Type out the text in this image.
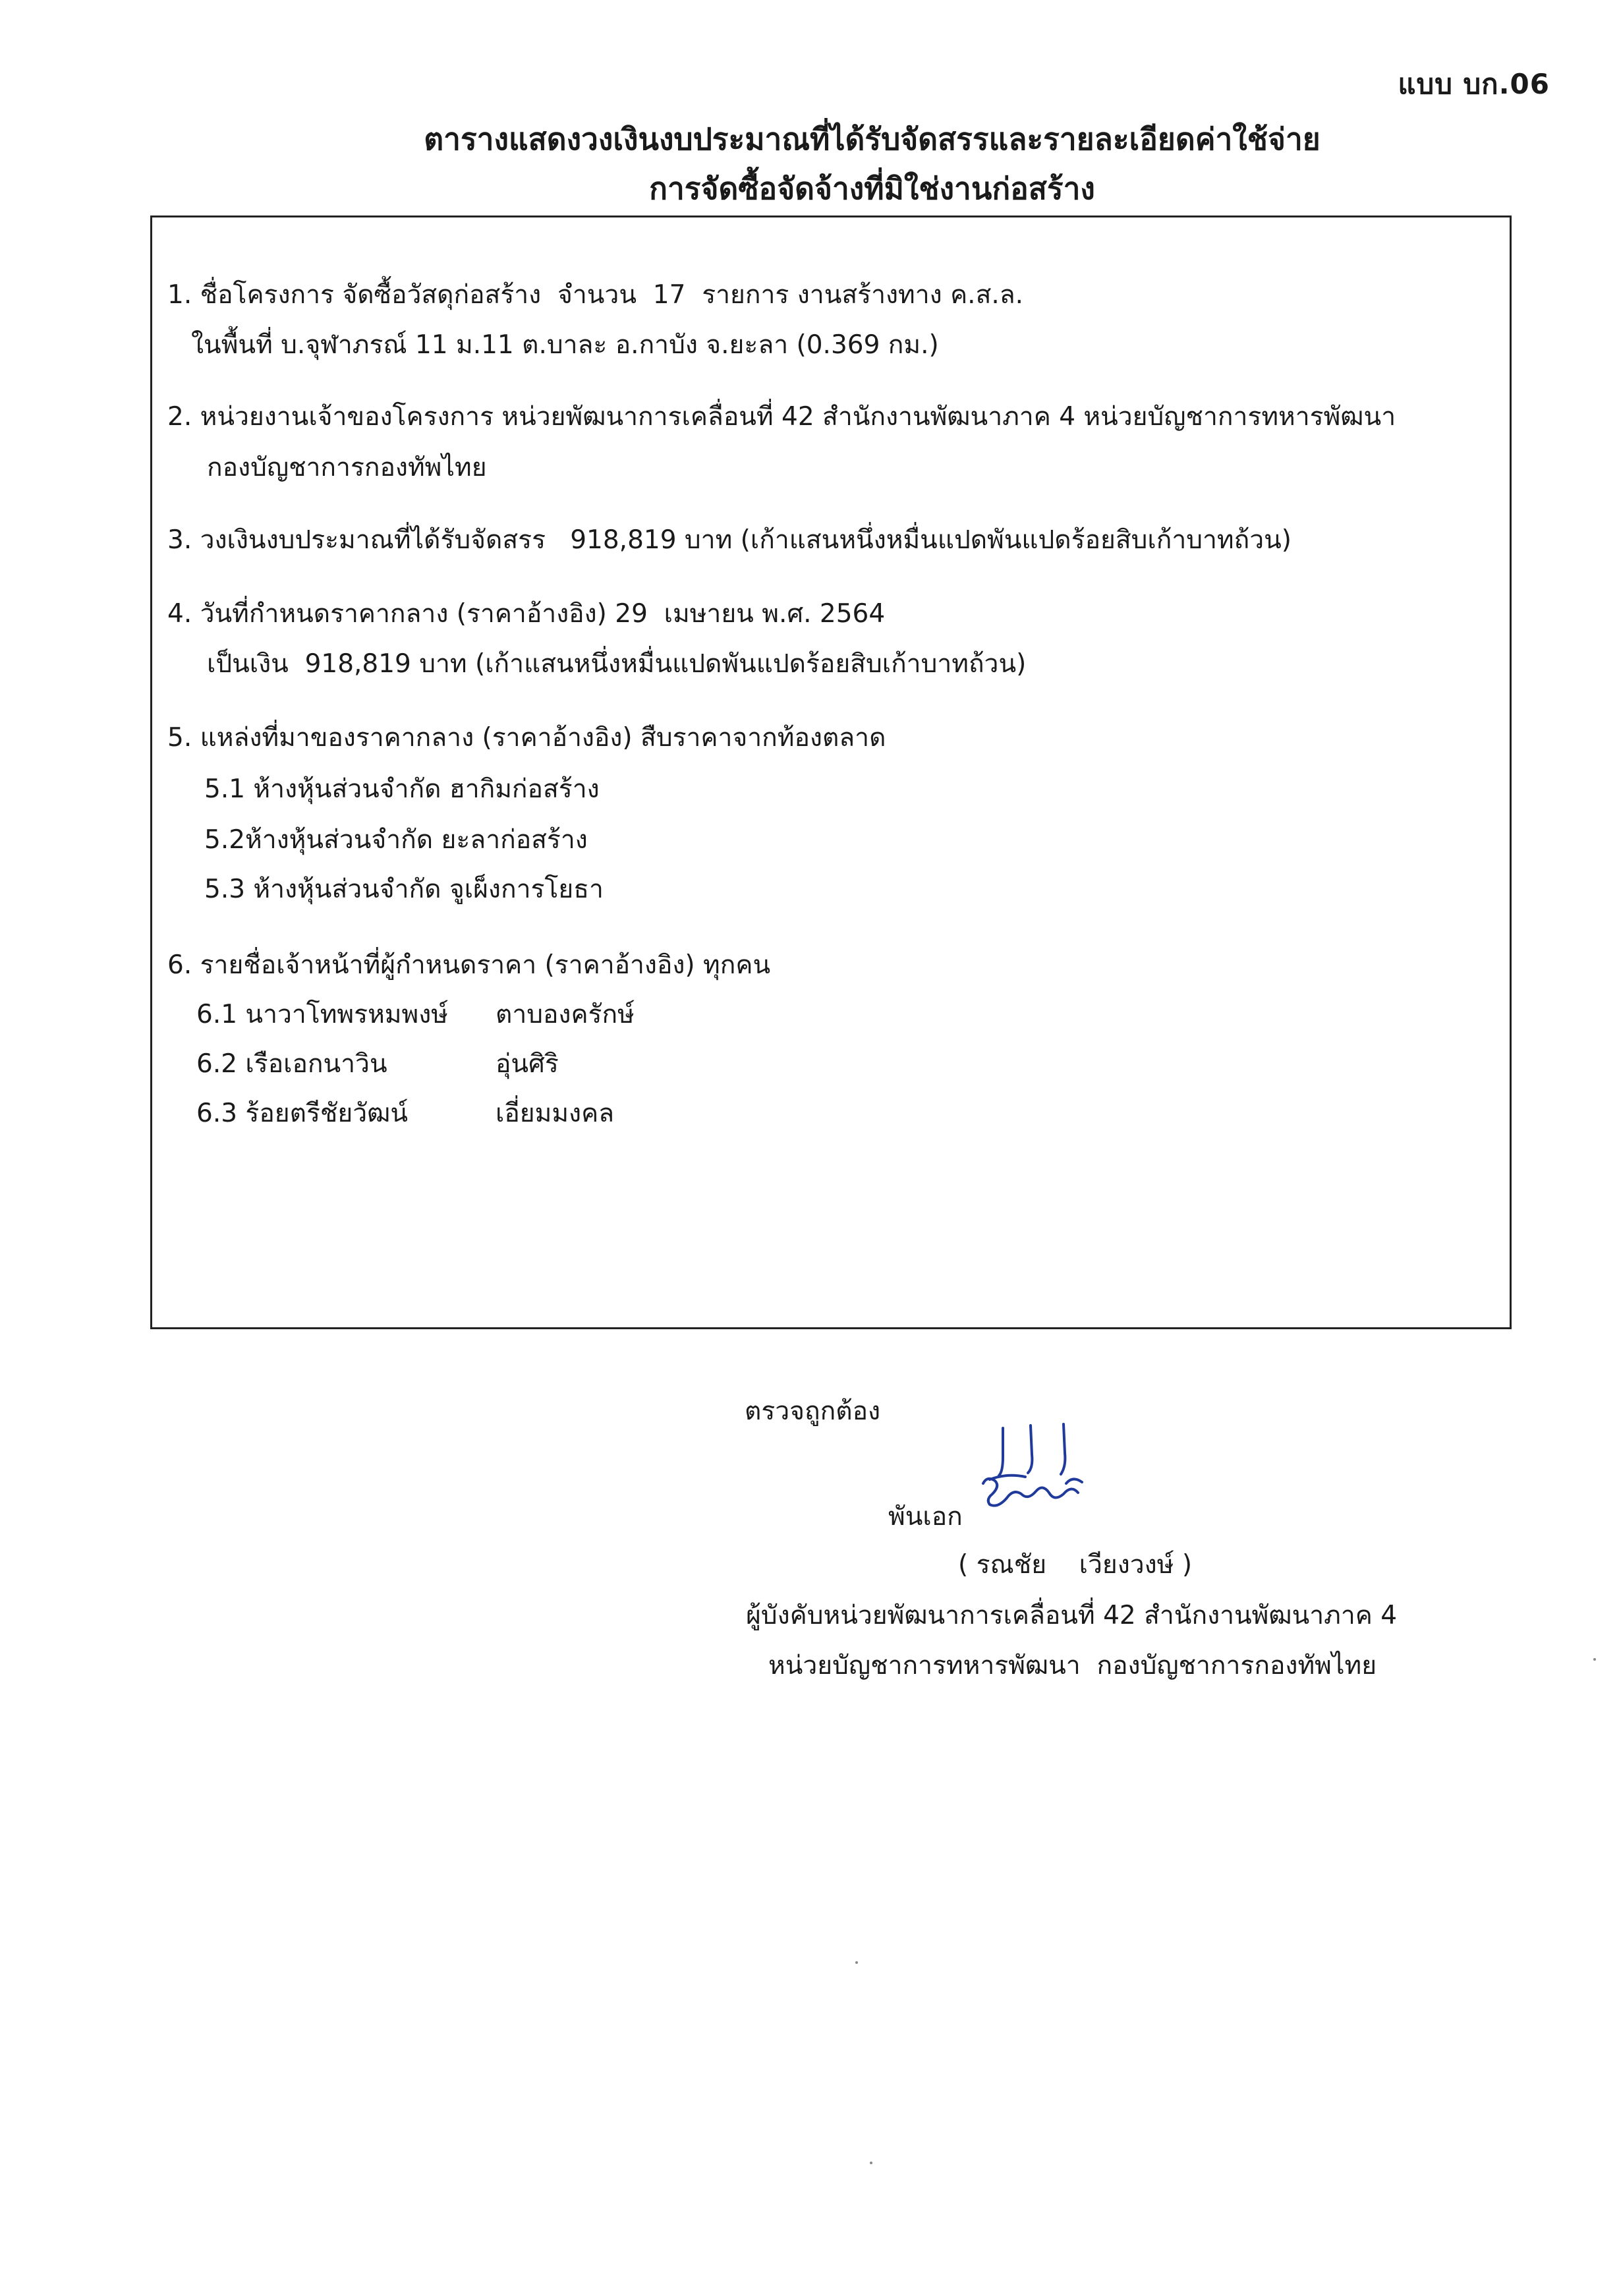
แบบ บก.06
ตารางแสดงวงเงินงบประมาณที่ได้รับจัดสรรและรายละเอียดค่าใช้จ่าย
การจัดซื้อจัดจ้างที่มิใช่งานก่อสร้าง
1. ชื่อโครงการ จัดซื้อวัสดุก่อสร้าง  จำนวน  17  รายการ งานสร้างทาง ค.ส.ล.
ในพื้นที่ บ.จุฬาภรณ์ 11 ม.11 ต.บาละ อ.กาบัง จ.ยะลา (0.369 กม.)
2. หน่วยงานเจ้าของโครงการ หน่วยพัฒนาการเคลื่อนที่ 42 สำนักงานพัฒนาภาค 4 หน่วยบัญชาการทหารพัฒนา
กองบัญชาการกองทัพไทย
3. วงเงินงบประมาณที่ได้รับจัดสรร   918,819 บาท (เก้าแสนหนึ่งหมื่นแปดพันแปดร้อยสิบเก้าบาทถ้วน)
4. วันที่กำหนดราคากลาง (ราคาอ้างอิง) 29  เมษายน พ.ศ. 2564
เป็นเงิน  918,819 บาท (เก้าแสนหนึ่งหมื่นแปดพันแปดร้อยสิบเก้าบาทถ้วน)
5. แหล่งที่มาของราคากลาง (ราคาอ้างอิง) สืบราคาจากท้องตลาด
5.1 ห้างหุ้นส่วนจำกัด ฮากิมก่อสร้าง
5.2ห้างหุ้นส่วนจำกัด ยะลาก่อสร้าง
5.3 ห้างหุ้นส่วนจำกัด จูเผ็งการโยธา
6. รายชื่อเจ้าหน้าที่ผู้กำหนดราคา (ราคาอ้างอิง) ทุกคน
6.1 นาวาโทพรหมพงษ์ ตาบองครักษ์
6.2 เรือเอกนาวิน	อุ่นศิริ
6.3 ร้อยตรีชัยวัฒน์	เอี่ยมมงคล
ตรวจถูกต้อง
พันเอก
( รณชัย    เวียงวงษ์ )
ผู้บังคับหน่วยพัฒนาการเคลื่อนที่ 42 สำนักงานพัฒนาภาค 4
หน่วยบัญชาการทหารพัฒนา  กองบัญชาการกองทัพไทย
